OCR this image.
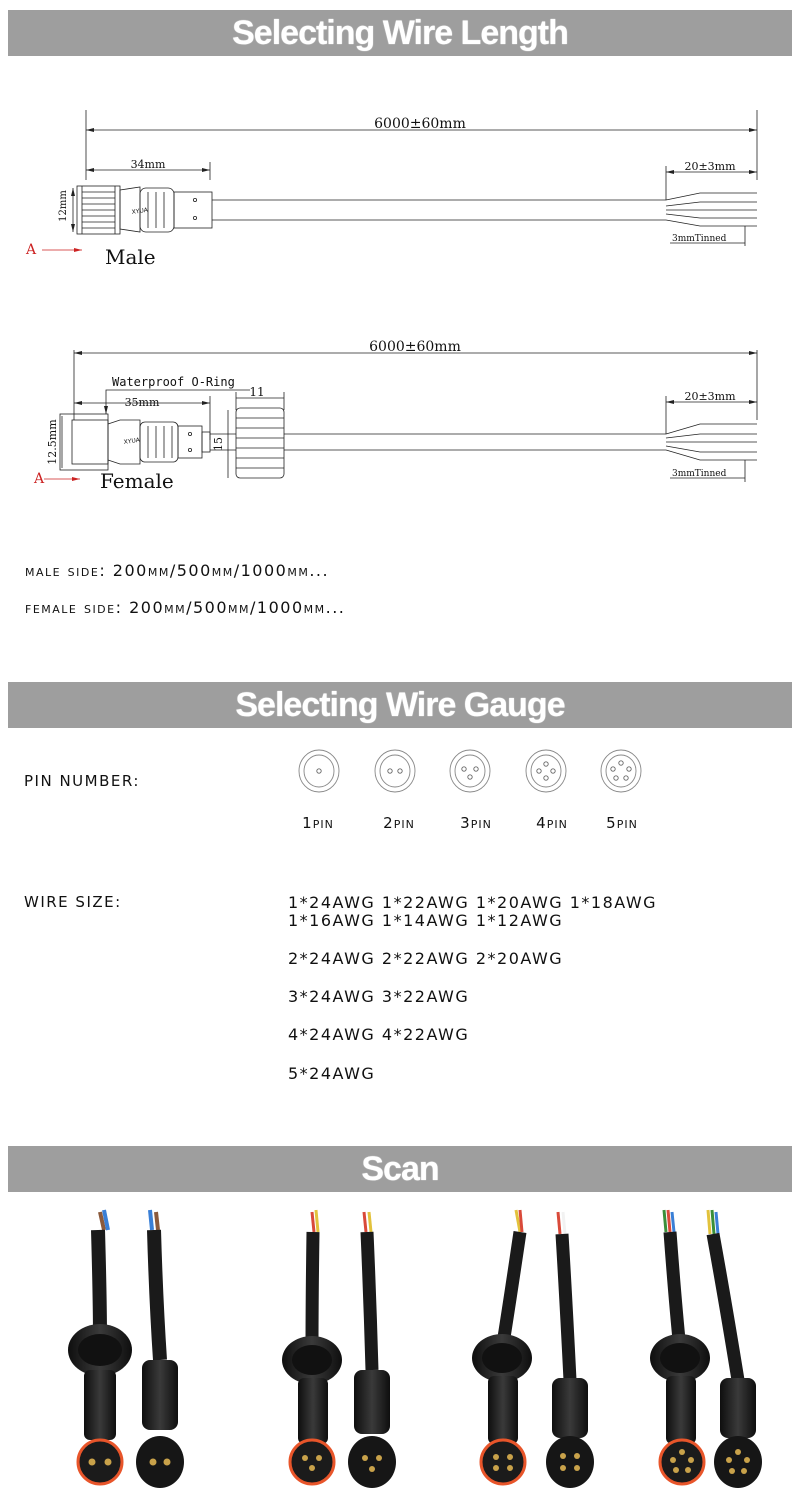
Selecting Wire Length
6000±60mm
34mm	20±3mm
3mmTinned
12mm
A	Male
XYUA
6000±60mm
Waterproof O-Ring
35mm
11
15
12.5mm
20±3mm
3mmTinned
A	Female
XYUA
male side: 200mm/500mm/1000mm...
female side: 200mm/500mm/1000mm...
Selecting Wire Gauge
PIN NUMBER:
1pin	2pin	3pin	4pin	5pin
WIRE SIZE:	1*24AWG 1*22AWG 1*20AWG 1*18AWG
1*16AWG 1*14AWG 1*12AWG
2*24AWG 2*22AWG 2*20AWG
3*24AWG 3*22AWG
4*24AWG 4*22AWG
5*24AWG
Scan
